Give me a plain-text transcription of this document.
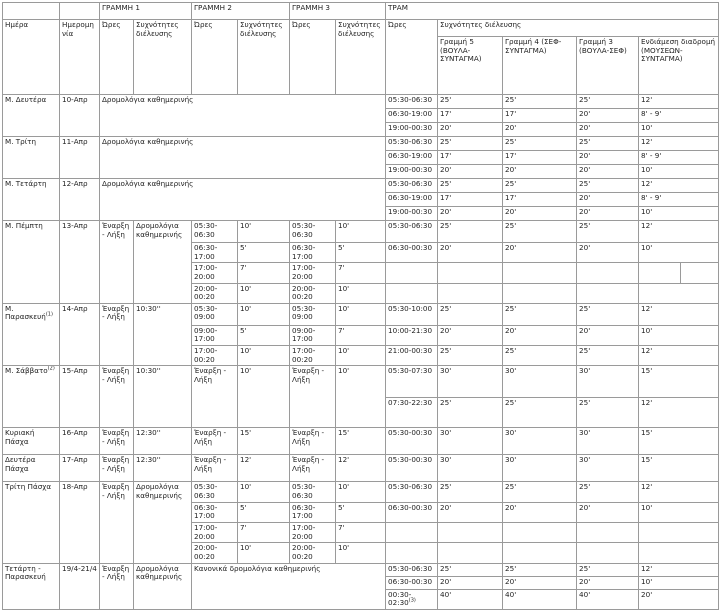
		ΓΡΑΜΜΗ 1		ΓΡΑΜΜΗ 2		ΓΡΑΜΜΗ 3		ΤΡΑΜ					
Ημέρα	Ημερομηνία	Ώρες	Συχνότητες διέλευσης	Ώρες	Συχνότητες διέλευσης	Ώρες	Συχνότητες διέλευσης	Ώρες	Συχνότητες διέλευσης				
									Γραμμή 5 (ΒΟΥΛΑ-ΣΥΝΤΑΓΜΑ)	Γραμμή 4 (ΣΕΦ-ΣΥΝΤΑΓΜΑ)	Γραμμή 3 (ΒΟΥΛΑ-ΣΕΦ)	Ενδιάμεση διαδρομή (ΜΟΥΣΕΩΝ-ΣΥΝΤΑΓΜΑ)	
Μ. Δευτέρα	10-Απρ	Δρομολόγια καθημερινής						05:30-06:30	25'	25'	25'	12'	
								06:30-19:00	17'	17'	20'	8' - 9'	
								19:00-00:30	20'	20'	20'	10'	
Μ. Τρίτη	11-Απρ	Δρομολόγια καθημερινής						05:30-06:30	25'	25'	25'	12'	
								06:30-19:00	17'	17'	20'	8' - 9'	
								19:00-00:30	20'	20'	20'	10'	
Μ. Τετάρτη	12-Απρ	Δρομολόγια καθημερινής						05:30-06:30	25'	25'	25'	12'	
								06:30-19:00	17'	17'	20'	8' - 9'	
								19:00-00:30	20'	20'	20'	10'	
Μ. Πέμπτη	13-Απρ	Έναρξη - Λήξη	Δρομολόγια καθημερινής	05:30-06:30	10'	05:30-06:30	10'	05:30-06:30	25'	25'	25'	12'	
				06:30-17:00	5'	06:30-17:00	5'	06:30-00:30	20'	20'	20'	10'	
				17:00-20:00	7'	17:00-20:00	7'						
				20:00-00:20	10'	20:00-00:20	10'						
Μ. Παρασκευή$^{(1)}$	14-Απρ	Έναρξη - Λήξη	10:30''	05:30-09:00	10'	05:30-09:00	10'	05:30-10:00	25'	25'	25'	12'	
				09:00-17:00	5'	09:00-17:00	7'	10:00-21:30	20'	20'	20'	10'	
				17:00-00:20	10'	17:00-00:20	10'	21:00-00:30	25'	25'	25'	12'	
Μ. Σάββατο$^{(2)}$	15-Απρ	Έναρξη - Λήξη	10:30''	Έναρξη - Λήξη	10'	Έναρξη - Λήξη	10'	05:30-07:30	30'	30'	30'	15'	
								07:30-22:30	25'	25'	25'	12'	
Κυριακή Πάσχα	16-Απρ	Έναρξη - Λήξη	12:30''	Έναρξη - Λήξη	15'	Έναρξη - Λήξη	15'	05:30-00:30	30'	30'	30'	15'	
Δευτέρα Πάσχα	17-Απρ	Έναρξη - Λήξη	12:30''	Έναρξη - Λήξη	12'	Έναρξη - Λήξη	12'	05:30-00:30	30'	30'	30'	15'	
Τρίτη Πάσχα	18-Απρ	Έναρξη - Λήξη	Δρομολόγια καθημερινής	05:30-06:30	10'	05:30-06:30	10'	05:30-06:30	25'	25'	25'	12'	
				06:30-17:00	5'	06:30-17:00	5'	06:30-00:30	20'	20'	20'	10'	
				17:00-20:00	7'	17:00-20:00	7'						
				20:00-00:20	10'	20:00-00:20	10'						
Τετάρτη - Παρασκευή	19/4-21/4	Έναρξη - Λήξη	Δρομολόγια καθημερινής	Κανονικά δρομολόγια καθημερινής				05:30-06:30	25'	25'	25'	12'	
								06:30-00:30	20'	20'	20'	10'	
								00:30-02:30$^{(3)}$	40'	40'	40'	20'	
